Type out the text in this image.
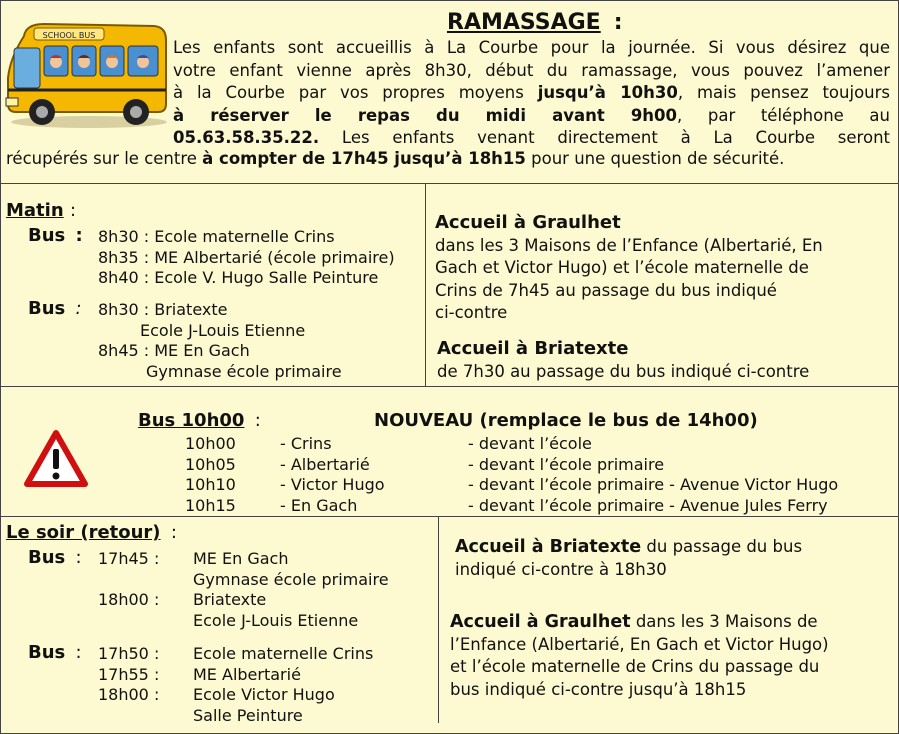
SCHOOL BUS
RAMASSAGE :
Les enfants sont accueillis à La Courbe pour la journée. Si vous désirez que
votre enfant vienne après 8h30, début du ramassage, vous pouvez l’amener
à la Courbe par vos propres moyens jusqu’à 10h30, mais pensez toujours
à réserver le repas du midi avant 9h00, par téléphone au
05.63.58.35.22. Les enfants venant directement à La Courbe seront
récupérés sur le centre à compter de 17h45 jusqu’à 18h15 pour une question de sécurité.
Matin :
Bus : 8h30 : Ecole maternelle Crins
8h35 : ME Albertarié (école primaire)
8h40 : Ecole V. Hugo Salle Peinture
Bus : 8h30 : Briatexte
Ecole J-Louis Etienne
8h45 : ME En Gach
Gymnase école primaire
Accueil à Graulhet
dans les 3 Maisons de l’Enfance (Albertarié, En
Gach et Victor Hugo) et l’école maternelle de
Crins de 7h45 au passage du bus indiqué
ci-contre
Accueil à Briatexte
de 7h30 au passage du bus indiqué ci-contre
Bus 10h00 :	NOUVEAU (remplace le bus de 14h00)
10h00
10h05
10h10
10h15
- Crins
- Albertarié
- Victor Hugo
- En Gach
- devant l’école
- devant l’école primaire
- devant l’école primaire - Avenue Victor Hugo
- devant l’école primaire - Avenue Jules Ferry
Le soir (retour) :
Bus : 17h45 :

18h00 :

ME En Gach
Gymnase école primaire
Briatexte
Ecole J-Louis Etienne
Bus : 17h50 :
17h55 :
18h00 :

Ecole maternelle Crins
ME Albertarié
Ecole Victor Hugo
Salle Peinture
Accueil à Briatexte du passage du bus
indiqué ci-contre à 18h30
Accueil à Graulhet dans les 3 Maisons de
l’Enfance (Albertarié, En Gach et Victor Hugo)
et l’école maternelle de Crins du passage du
bus indiqué ci-contre jusqu’à 18h15
